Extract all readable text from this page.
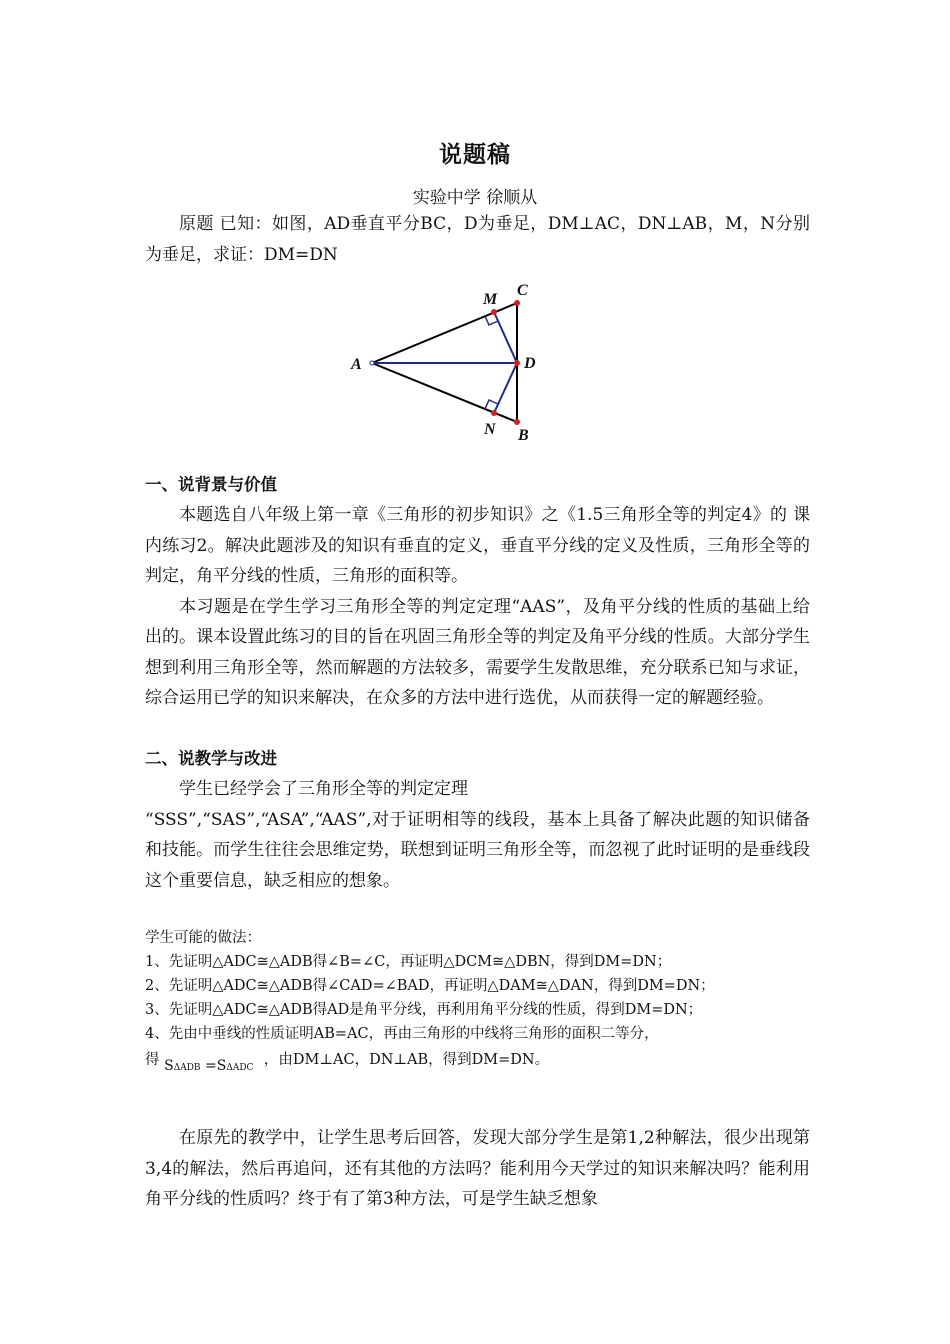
说题稿
实验中学 徐顺从

原题 已知：如图，AD垂直平分BC，D为垂足，DM⊥AC，DN⊥AB，M，N分别为垂足，求证：DM=DN

A
B
C
D
M
N
一、说背景与价值

本题选自八年级上第一章《三角形的初步知识》之《1.5三角形全等的判定4》的 课内练习2。解决此题涉及的知识有垂直的定义，垂直平分线的定义及性质，三角形全等的判定，角平分线的性质，三角形的面积等。

本习题是在学生学习三角形全等的判定定理“AAS”，及角平分线的性质的基础上给出的。课本设置此练习的目的旨在巩固三角形全等的判定及角平分线的性质。大部分学生想到利用三角形全等，然而解题的方法较多，需要学生发散思维，充分联系已知与求证，综合运用已学的知识来解决，在众多的方法中进行选优，从而获得一定的解题经验。

二、说教学与改进

学生已经学会了三角形全等的判定定理

“SSS”,“SAS”,“ASA”,“AAS”,对于证明相等的线段，基本上具备了解决此题的知识储备和技能。而学生往往会思维定势，联想到证明三角形全等，而忽视了此时证明的是垂线段这个重要信息，缺乏相应的想象。

学生可能的做法：
1、先证明△ADC≅△ADB得∠B=∠C，再证明△DCM≅△DBN，得到DM=DN；
2、先证明△ADC≅△ADB得∠CAD=∠BAD，再证明△DAM≅△DAN，得到DM=DN；
3、先证明△ADC≅△ADB得AD是角平分线，再利用角平分线的性质，得到DM=DN；
4、先由中垂线的性质证明AB=AC，再由三角形的中线将三角形的面积二等分，
得 SΔADB =SΔADC ，由DM⊥AC，DN⊥AB，得到DM=DN。

在原先的教学中，让学生思考后回答，发现大部分学生是第1,2种解法，很少出现第3,4的解法，然后再追问，还有其他的方法吗？能利用今天学过的知识来解决吗？能利用角平分线的性质吗？终于有了第3种方法，可是学生缺乏想象
